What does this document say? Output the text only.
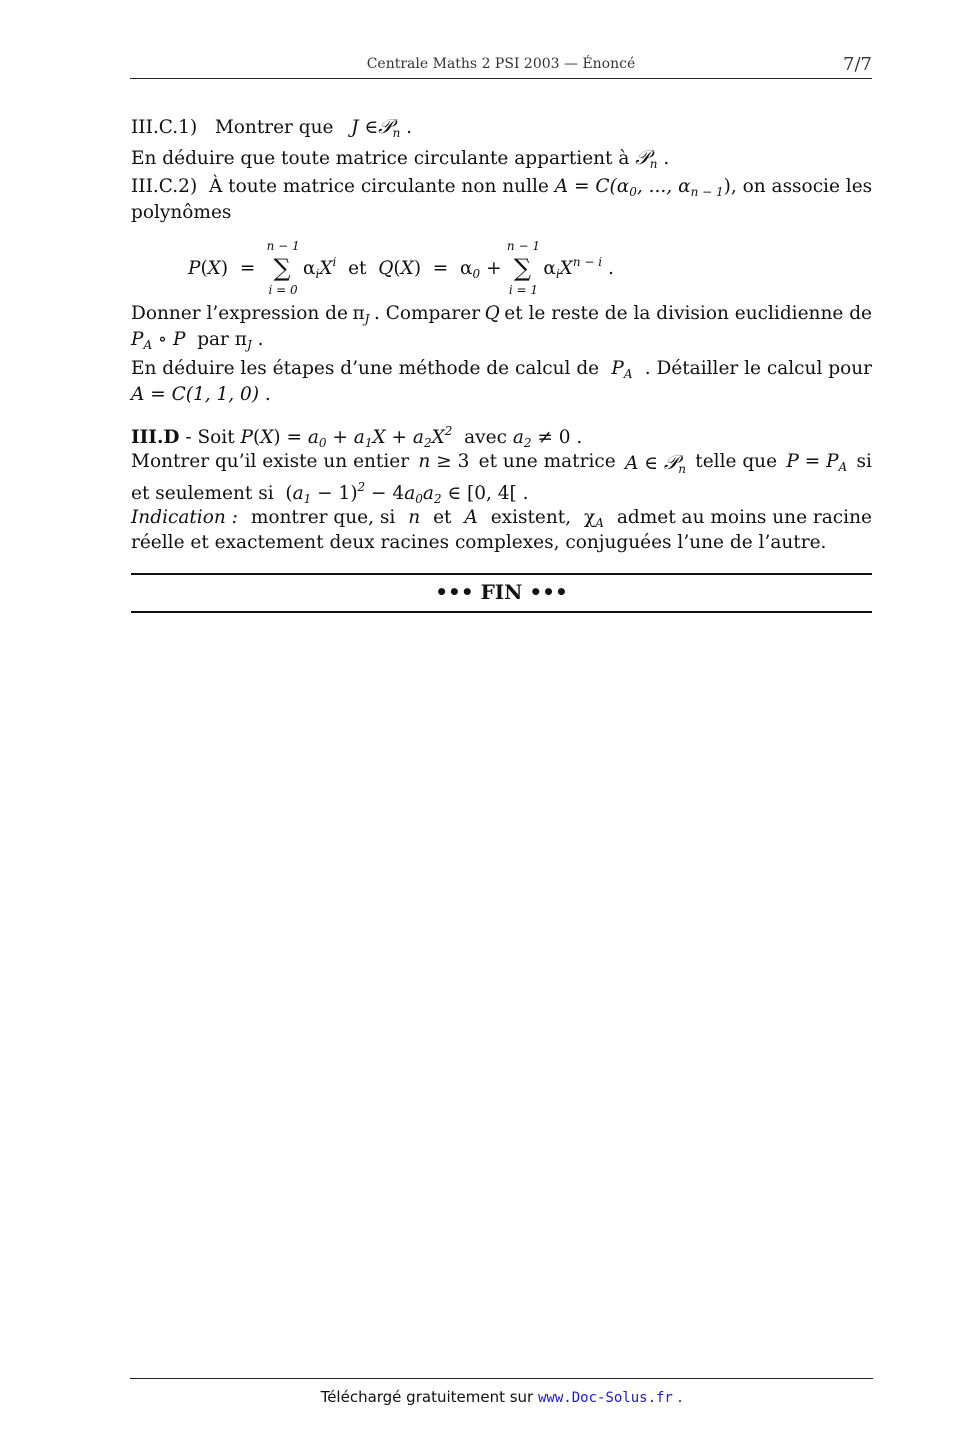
Centrale Maths 2 PSI 2003 — Énoncé	7/7
III.C.1) Montrer que J ∈𝒫$_n$ .
En déduire que toute matrice circulante appartient à 𝒫$_n$ .
III.C.2) À toute matrice circulante non nulle $A = C(\alpha_0$, ..., $\alpha_{n - 1}$) , on associe les
polynômes
P(X)  =
n − 1
∑
i = 0
$\alpha_iX^i$ et $Q(X) = \alpha_0$ +
n − 1
∑
i = 1
$\alpha_iX^{n - i}$ .
Donner l’expression de $\pi_J$ . Comparer Q et le reste de la division euclidienne de
$P_A$ ∘ P par $\pi_J$ .
En déduire les étapes d’une méthode de calcul de $P_A$ . Détailler le calcul pour
A = C(1, 1, 0) .
III.D - Soit $P(X) = a_0 + a_1X + a_2X^2$ avec $a_2 \ne 0$ .
Montrer qu’il existe un entier n ≥ 3 et une matrice A ∈ 𝒫$_n$ telle que $P = P_A$ si
et seulement si  $(a_1 - 1)^2 - 4a_0a_2$ ∈ [0, 4[ .
Indication : montrer que, si n et A existent, $\chi_A$ admet au moins une racine
réelle et exactement deux racines complexes, conjuguées l’une de l’autre.
••• FIN •••
Téléchargé gratuitement sur www.Doc-Solus.fr .
